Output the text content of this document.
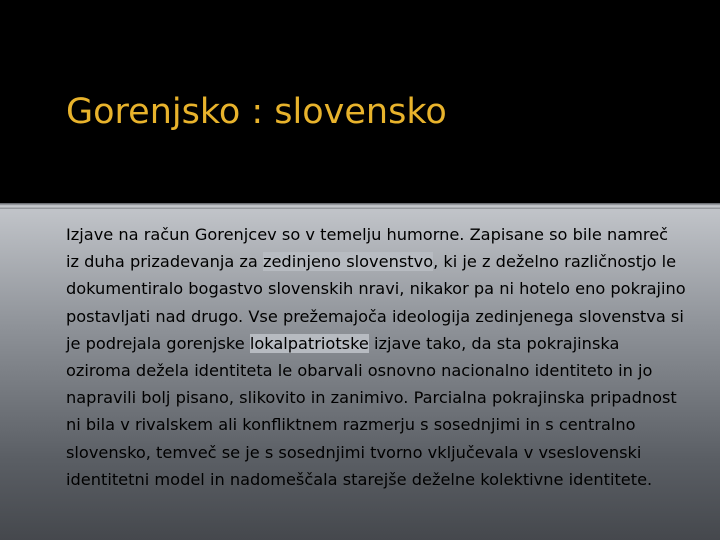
Gorenjsko : slovensko

Izjave na račun Gorenjcev so v temelju humorne. Zapisane so bile namreč iz duha prizadevanja za zedinjeno slovenstvo, ki je z deželno različnostjo le dokumentiralo bogastvo slovenskih nravi, nikakor pa ni hotelo eno pokrajino postavljati nad drugo. Vse prežemajoča ideologija zedinjenega slovenstva si je podrejala gorenjske lokalpatriotske izjave tako, da sta pokrajinska oziroma dežela identiteta le obarvali osnovno nacionalno identiteto in jo napravili bolj pisano, slikovito in zanimivo. Parcialna pokrajinska pripadnost ni bila v rivalskem ali konfliktnem razmerju s sosednjimi in s centralno slovensko, temveč se je s sosednjimi tvorno vključevala v vseslovenski identitetni model in nadomeščala starejše deželne kolektivne identitete.
